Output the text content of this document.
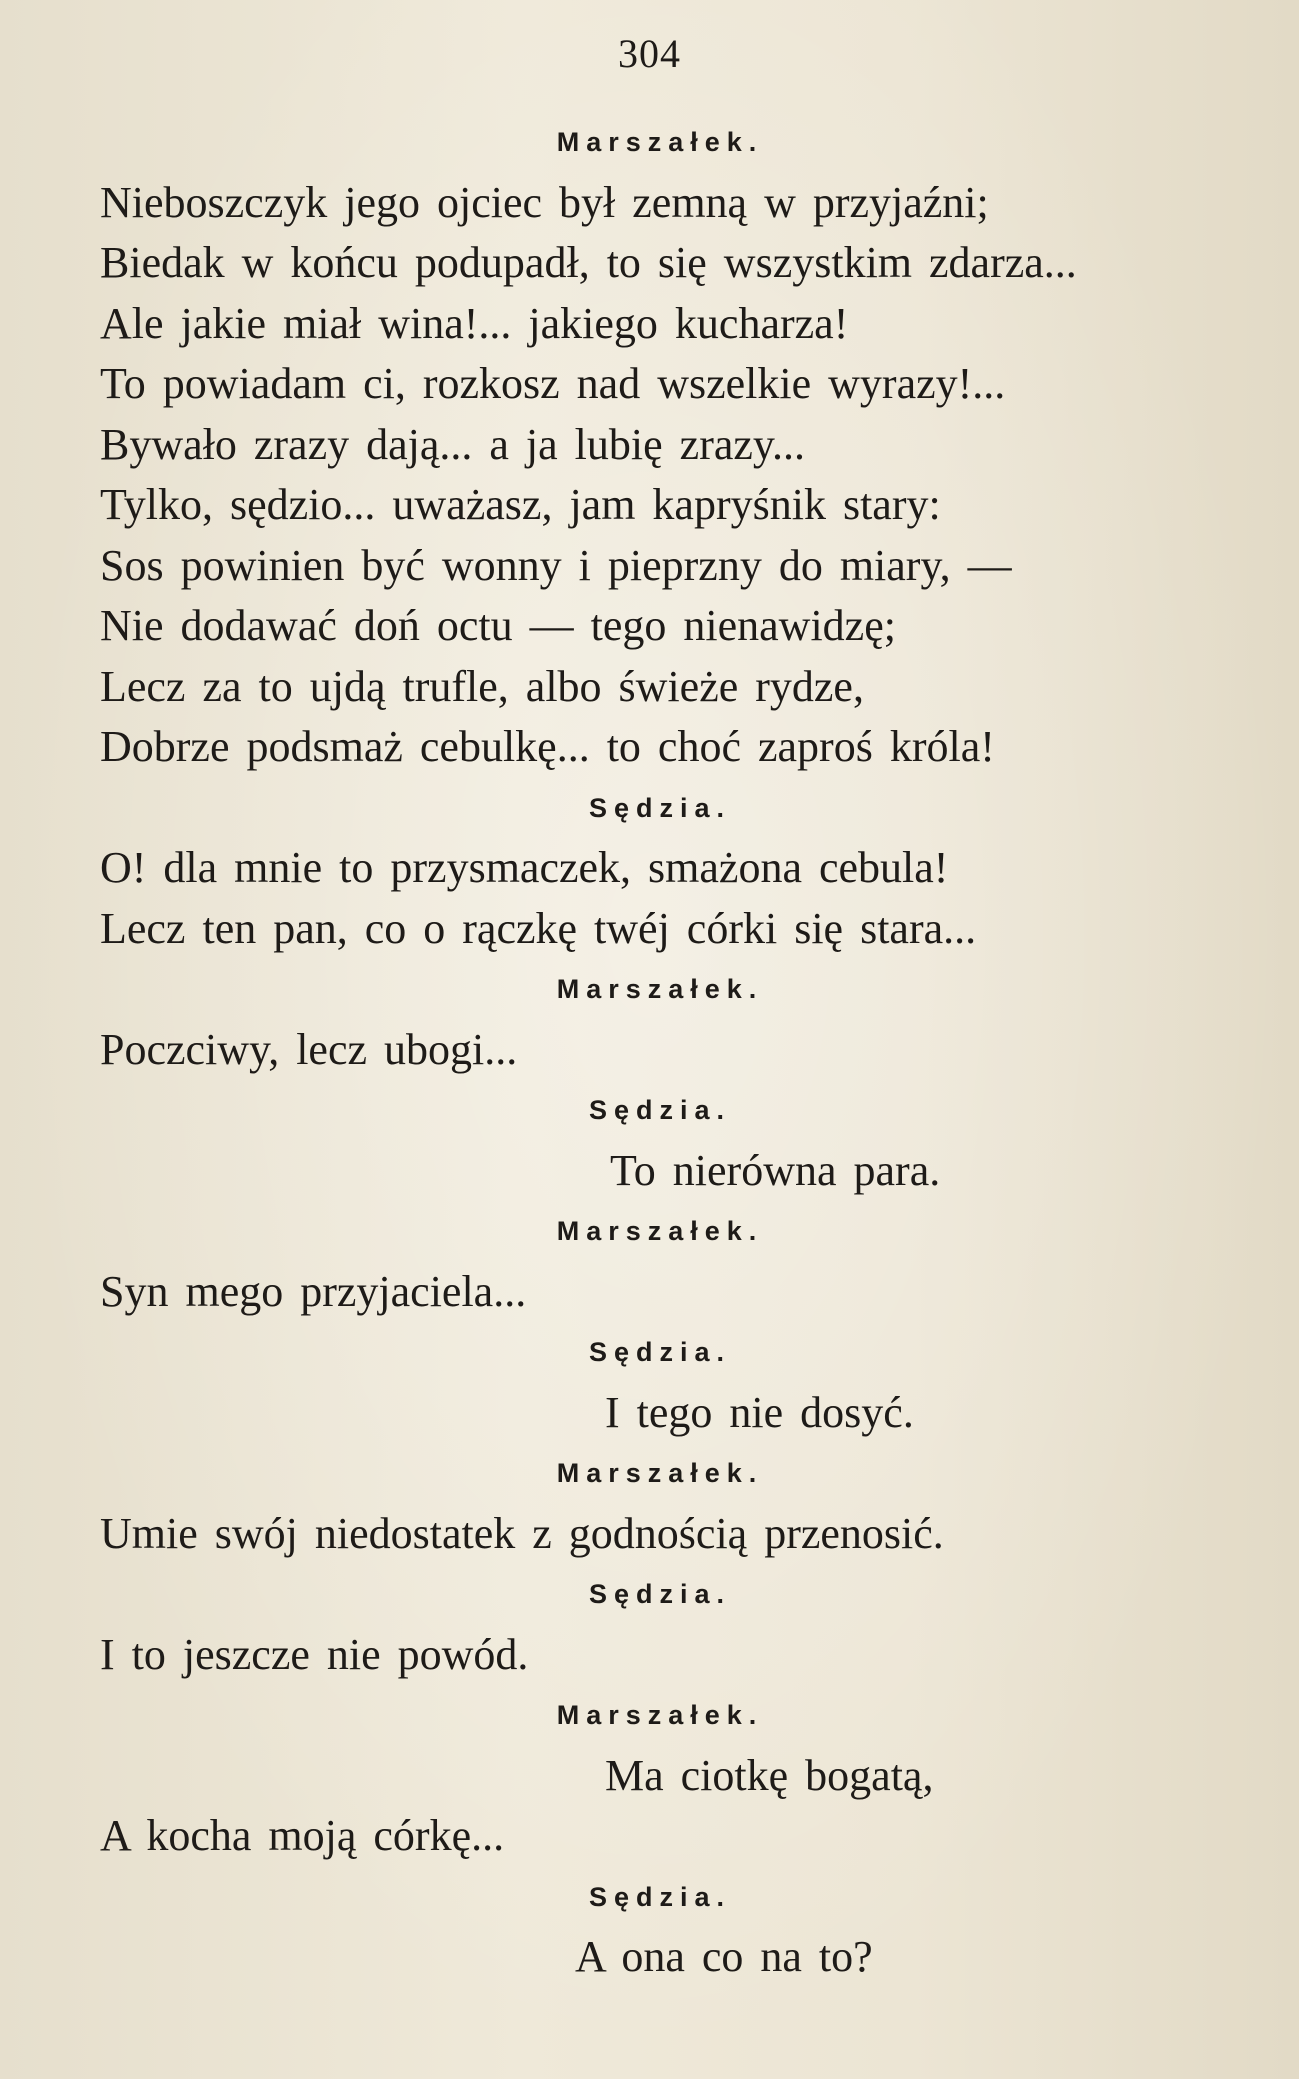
304
Marszałek.
Nieboszczyk jego ojciec był zemną w przyjaźni;
Biedak w końcu podupadł, to się wszystkim zdarza...
Ale jakie miał wina!... jakiego kucharza!
To powiadam ci, rozkosz nad wszelkie wyrazy!...
Bywało zrazy dają... a ja lubię zrazy...
Tylko, sędzio... uważasz, jam kapryśnik stary:
Sos powinien być wonny i pieprzny do miary, —
Nie dodawać doń octu — tego nienawidzę;
Lecz za to ujdą trufle, albo świeże rydze,
Dobrze podsmaż cebulkę... to choć zaproś króla!
Sędzia.
O! dla mnie to przysmaczek, smażona cebula!
Lecz ten pan, co o rączkę twéj córki się stara...
Marszałek.
Poczciwy, lecz ubogi...
Sędzia.
To nierówna para.
Marszałek.
Syn mego przyjaciela...
Sędzia.
I tego nie dosyć.
Marszałek.
Umie swój niedostatek z godnością przenosić.
Sędzia.
I to jeszcze nie powód.
Marszałek.
Ma ciotkę bogatą,
A kocha moją córkę...
Sędzia.
A ona co na to?
